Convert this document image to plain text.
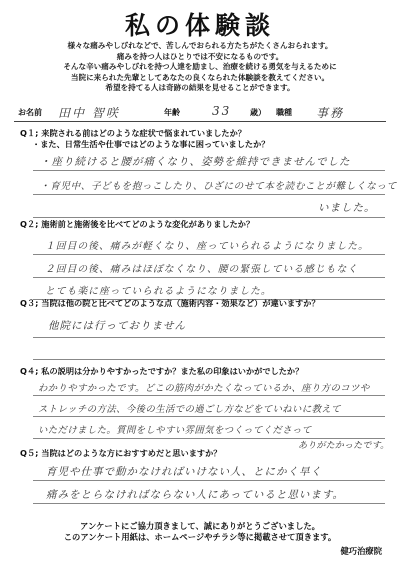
私の体験談
様々な痛みやしびれなどで、苦しんでおられる方たちがたくさんおられます。
痛みを持つ人はひとりでは不安になるものです。
そんな辛い痛みやしびれを持つ人達を励まし、治療を続ける勇気を与えるために
当院に来られた先輩としてあなたの良くなられた体験談を教えてください。
希望を持てる人は奇跡の結果を見せることができます。
お名前 田中 智咲	年齢	33 歳） 職種 事務
Q１; 来院される前はどのような症状で悩まれていましたか？
・また、日常生活や仕事ではどのような事に困っていましたか？
・座り続けると腰が痛くなり、姿勢を維持できませんでした
・育児中、子どもを抱っこしたり、ひざにのせて本を読むことが難しくなって
いました。
Q２; 施術前と施術後を比べてどのような変化がありましたか？
１回目の後、痛みが軽くなり、座っていられるようになりました。
２回目の後、痛みはほぼなくなり、腰の緊張している感じもなく
とても楽に座っていられるようになりました。
Q３; 当院は他の院と比べてどのような点（施術内容・効果など）が違いますか？
他院には行っておりません
Q４; 私の説明は分かりやすかったですか？また私の印象はいかがでしたか？
わかりやすかったです。どこの筋肉がかたくなっているか、座り方のコツや
ストレッチの方法、今後の生活での過ごし方などをていねいに教えて
いただけました。質問をしやすい雰囲気をつくってくださって
ありがたかったです。
Q５; 当院はどのような方におすすめだと思いますか？
育児や仕事で動かなければいけない人、とにかく早く
痛みをとらなければならない人にあっていると思います。
アンケートにご協力頂きまして、誠にありがとうございました。
このアンケート用紙は、ホームページやチラシ等に掲載させて頂きます。
健巧治療院
